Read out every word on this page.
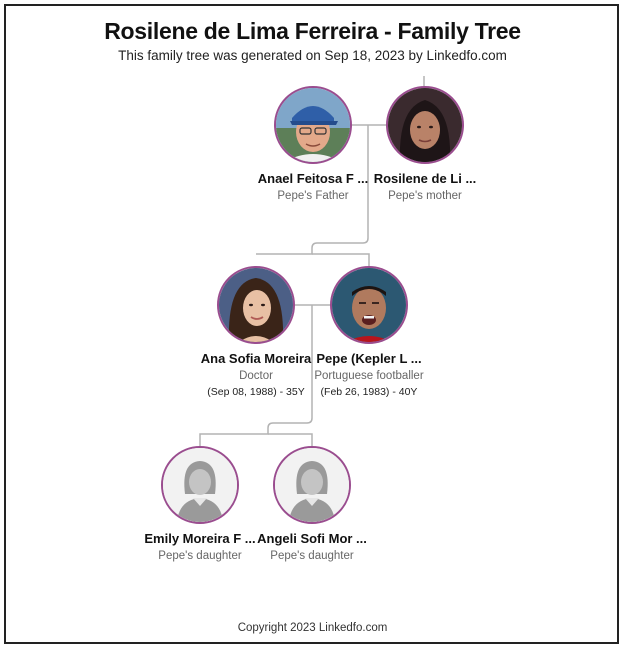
Rosilene de Lima Ferreira - Family Tree
This family tree was generated on Sep 18, 2023 by Linkedfo.com
Anael Feitosa F ...
Pepe's Father
Rosilene de Li ...
Pepe's mother
Ana Sofia Moreira
Doctor
(Sep 08, 1988) - 35Y
Pepe (Kepler L ...
Portuguese footballer
(Feb 26, 1983) - 40Y
Emily Moreira F ...
Pepe's daughter
Angeli Sofi Mor ...
Pepe's daughter
Copyright 2023 Linkedfo.com
